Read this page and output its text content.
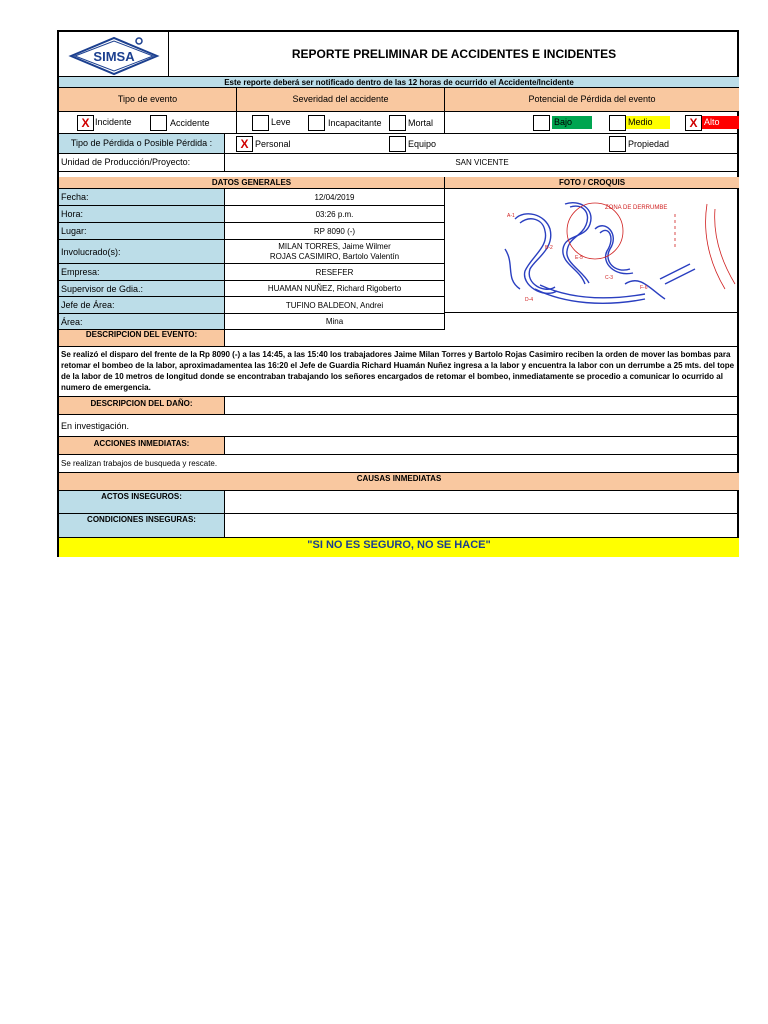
SIMSA	REPORTE PRELIMINAR DE ACCIDENTES E INCIDENTES
Este reporte deberá ser notificado dentro de las 12 horas de ocurrido el Accidente/Incidente
Tipo de evento	Severidad del accidente	Potencial de Pérdida del evento
X Incidente	Accidente	Leve	Incapacitante	Mortal	Bajo	Medio	X Alto
Tipo de Pérdida o Posible Pérdida :	X Personal	Equipo	Propiedad
Unidad de Producción/Proyecto:	SAN VICENTE
DATOS GENERALES	FOTO / CROQUIS
Fecha:	12/04/2019
Hora:	03:26 p.m.
Lugar:	RP 8090 (-)
Involucrado(s):
MILAN TORRES, Jaime Wilmer
ROJAS CASIMIRO, Bartolo Valentín
Empresa:	RESEFER
Supervisor de Gdia.:	HUAMAN NUÑEZ, Richard Rigoberto
Jefe de Área:	TUFINO BALDEON, Andrei
Área:	Mina
A-1
B-2
C-3
D-4
E-5
F-6
ZONA DE DERRUMBE
DESCRIPCION DEL EVENTO:
Se realizó el disparo del frente de la Rp 8090 (-) a las 14:45, a las 15:40 los trabajadores Jaime Milan Torres y Bartolo Rojas Casimiro reciben la orden de mover las bombas para retomar el bombeo de la labor, aproximadamentea las 16:20 el Jefe de Guardia Richard Huamán Nuñez ingresa a la labor y encuentra la labor con un derrumbe a 25 mts. del tope de la labor de 10 metros de longitud donde se encontraban trabajando los señores encargados de retomar el bombeo, inmediatamente se procedio a comunicar lo ocurrido al numero de emergencia.
DESCRIPCION DEL DAÑO:
En investigación.
ACCIONES INMEDIATAS:
Se realizan trabajos de busqueda y rescate.
CAUSAS INMEDIATAS
ACTOS INSEGUROS:
CONDICIONES INSEGURAS:
"SI NO ES SEGURO, NO SE HACE"
